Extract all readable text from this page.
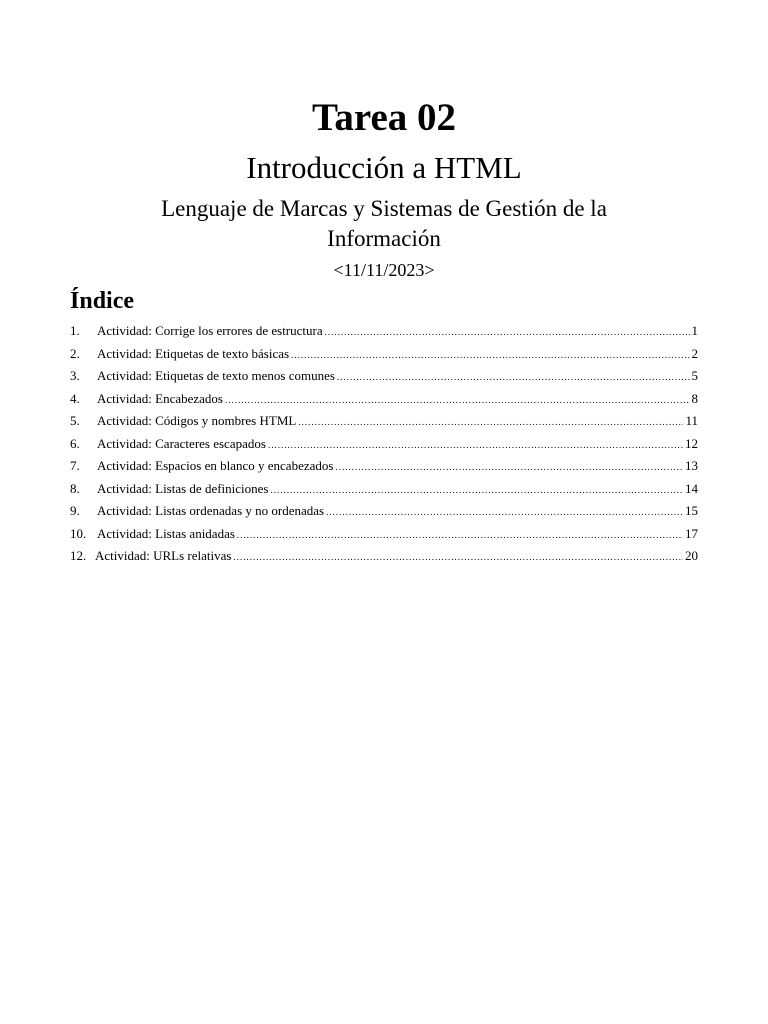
Tarea 02
Introducción a HTML
Lenguaje de Marcas y Sistemas de Gestión de la
Información
<11/11/2023>
Índice
1.	Actividad: Corrige los errores de estructura .....	1
2.	Actividad: Etiquetas de texto básicas .....	2
3.	Actividad: Etiquetas de texto menos comunes .....	5
4.	Actividad: Encabezados .....	8
5.	Actividad: Códigos y nombres HTML .....	11
6.	Actividad: Caracteres escapados .....	12
7.	Actividad: Espacios en blanco y encabezados .....	13
8.	Actividad: Listas de definiciones .....	14
9.	Actividad: Listas ordenadas y no ordenadas .....	15
10. Actividad: Listas anidadas .....	17
12. Actividad: URLs relativas .....	20
